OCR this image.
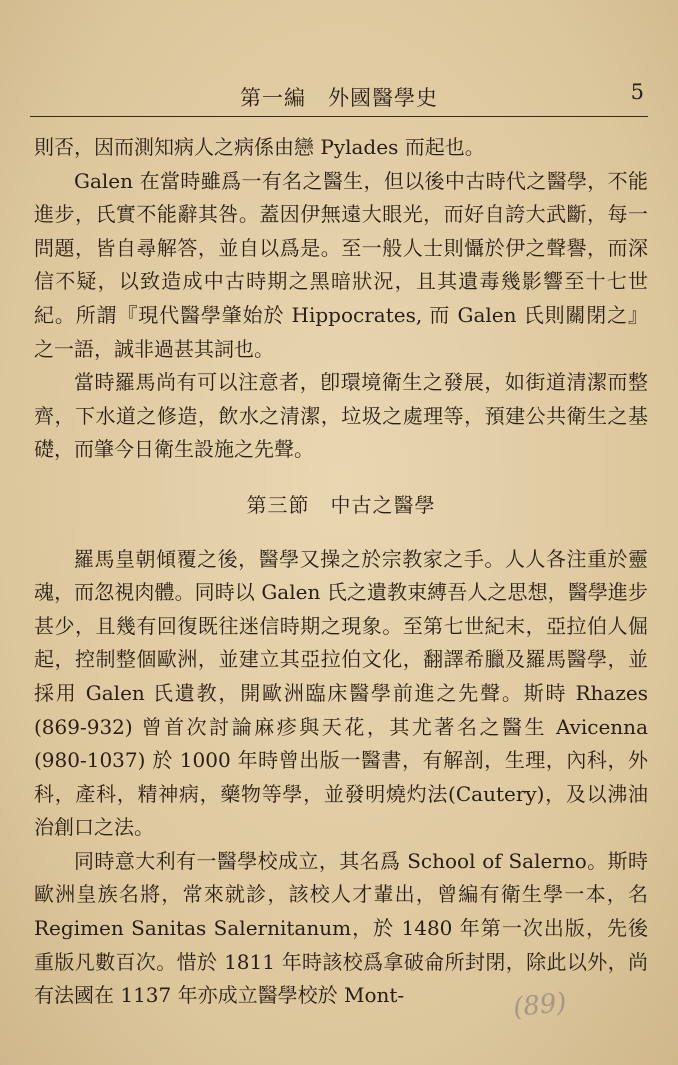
第一編　外國醫學史	5

則否，因而測知病人之病係由戀 Pylades 而起也。

Galen 在當時雖爲一有名之醫生，但以後中古時代之醫學，不能進步，氏實不能辭其咎。蓋因伊無遠大眼光，而好自誇大武斷，每一問題，皆自尋解答，並自以爲是。至一般人士則懾於伊之聲譽，而深信不疑，以致造成中古時期之黑暗狀況，且其遺毒幾影響至十七世紀。所謂『現代醫學肇始於 Hippocrates, 而 Galen 氏則關閉之』之一語，誠非過甚其詞也。

當時羅馬尚有可以注意者，卽環境衛生之發展，如街道清潔而整齊，下水道之修造，飲水之清潔，垃圾之處理等，預建公共衛生之基礎，而肇今日衛生設施之先聲。

第三節　中古之醫學

羅馬皇朝傾覆之後，醫學又操之於宗教家之手。人人各注重於靈魂，而忽視肉體。同時以 Galen 氏之遺教束縛吾人之思想，醫學進步甚少，且幾有回復既往迷信時期之現象。至第七世紀末，亞拉伯人倔起，控制整個歐洲，並建立其亞拉伯文化，翻譯希臘及羅馬醫學，並採用 Galen 氏遺教，開歐洲臨床醫學前進之先聲。斯時 Rhazes (869-932) 曾首次討論麻疹與天花，其尤著名之醫生 Avicenna (980-1037) 於 1000 年時曾出版一醫書，有解剖，生理，內科，外科，產科，精神病，藥物等學，並發明燒灼法(Cautery)，及以沸油治創口之法。

同時意大利有一醫學校成立，其名爲 School of Salerno。斯時歐洲皇族名將，常來就診，該校人才輩出，曾編有衛生學一本，名 Regimen Sanitas Salernitanum，於 1480 年第一次出版，先後重版凡數百次。惜於 1811 年時該校爲拿破侖所封閉，除此以外，尚有法國在 1137 年亦成立醫學校於 Mont-	(89)
